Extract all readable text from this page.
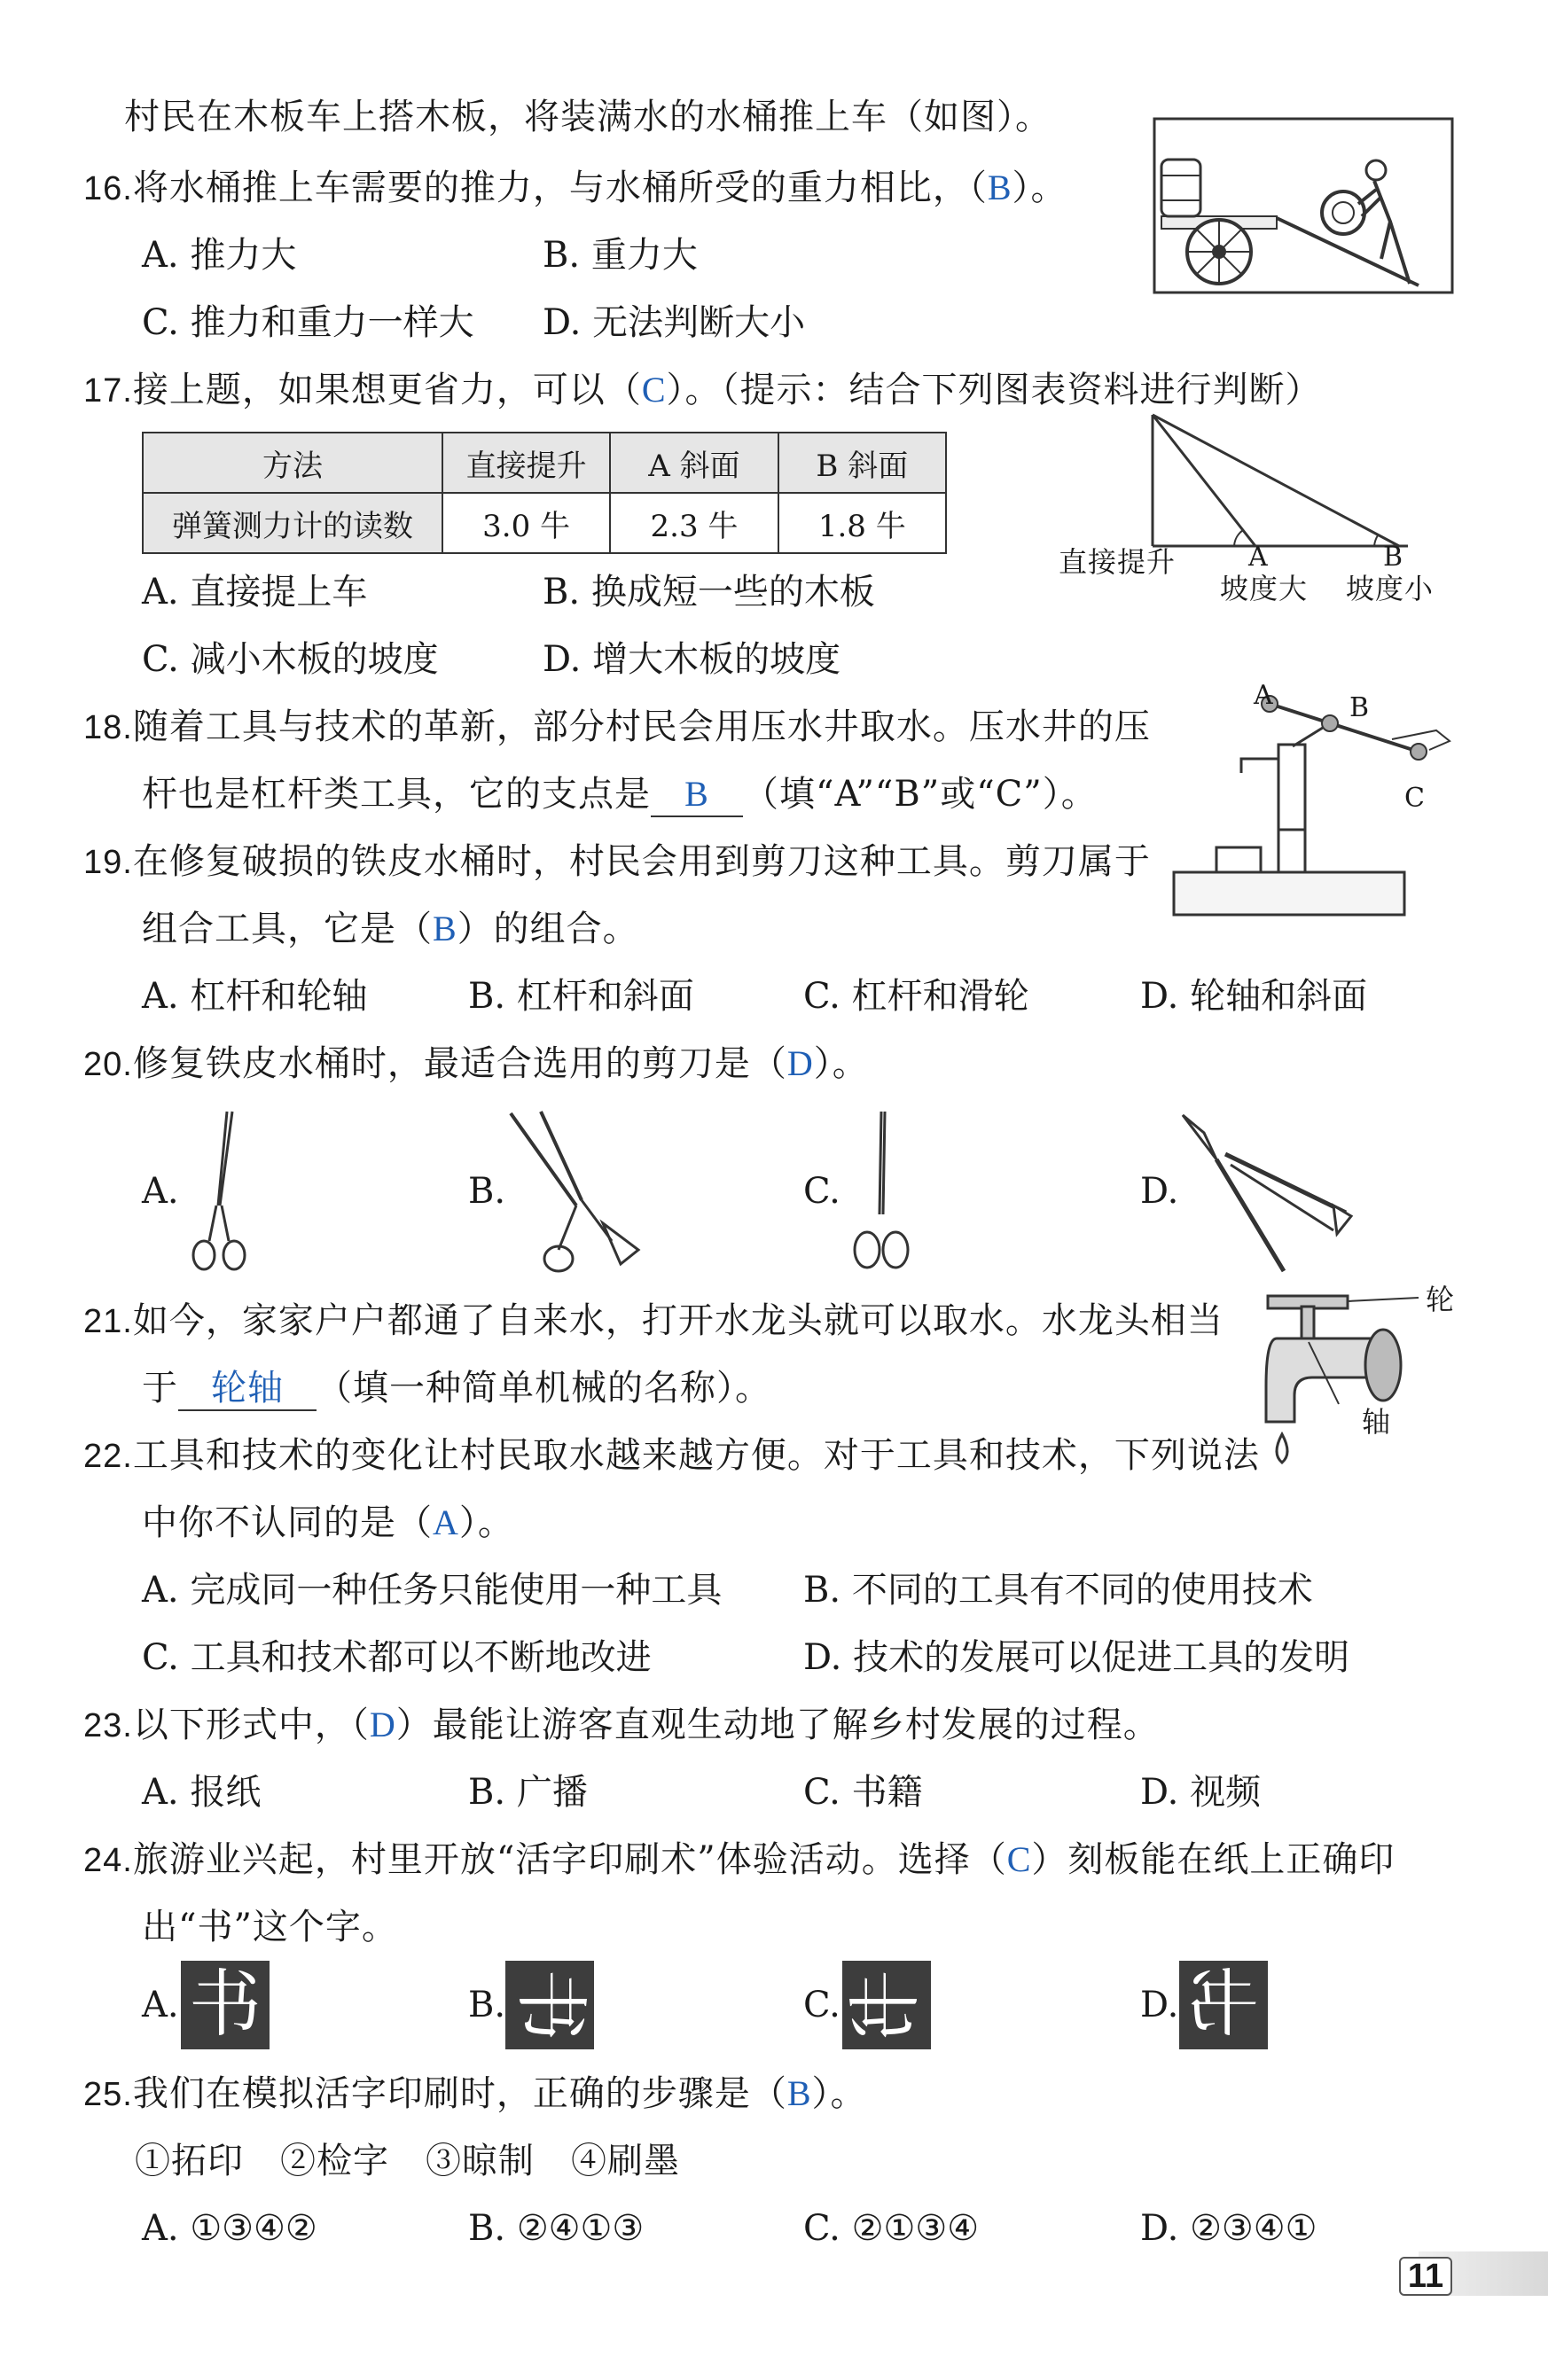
村民在木板车上搭木板，将装满水的水桶推上车（如图）。
16.将水桶推上车需要的推力，与水桶所受的重力相比，（B）。
A. 推力大	B. 重力大
C. 推力和重力一样大 D. 无法判断大小
17.接上题，如果想更省力，可以（C）。（提示：结合下列图表资料进行判断）
方法	直接提升	A 斜面	B 斜面
弹簧测力计的读数	3.0 牛	2.3 牛	1.8 牛
直接提升	A
坡度大
B
坡度小
A. 直接提上车	B. 换成短一些的木板
C. 减小木板的坡度	D. 增大木板的坡度
18.随着工具与技术的革新，部分村民会用压水井取水。压水井的压
杆也是杠杆类工具，它的支点是 B （填“A”“B”或“C”）。
A	B
C
19.在修复破损的铁皮水桶时，村民会用到剪刀这种工具。剪刀属于
组合工具，它是（B）的组合。
A. 杠杆和轮轴	B. 杠杆和斜面	C. 杠杆和滑轮	D. 轮轴和斜面
20.修复铁皮水桶时，最适合选用的剪刀是（D）。
A.	B.	C.	D.
21.如今，家家户户都通了自来水，打开水龙头就可以取水。水龙头相当
于 轮轴 （填一种简单机械的名称）。
轮
轴
22.工具和技术的变化让村民取水越来越方便。对于工具和技术，下列说法
中你不认同的是（A）。
A. 完成同一种任务只能使用一种工具 B. 不同的工具有不同的使用技术
C. 工具和技术都可以不断地改进	D. 技术的发展可以促进工具的发明
23.以下形式中，（D）最能让游客直观生动地了解乡村发展的过程。
A. 报纸	B. 广播	C. 书籍	D. 视频
24.旅游业兴起，村里开放“活字印刷术”体验活动。选择（C）刻板能在纸上正确印
出“书”这个字。
A. 书	B. 书	C. 书	D. 书
25.我们在模拟活字印刷时，正确的步骤是（B）。
①拓印　②检字　③晾制　④刷墨
A. ①③④②	B. ②④①③	C. ②①③④	D. ②③④①
11
